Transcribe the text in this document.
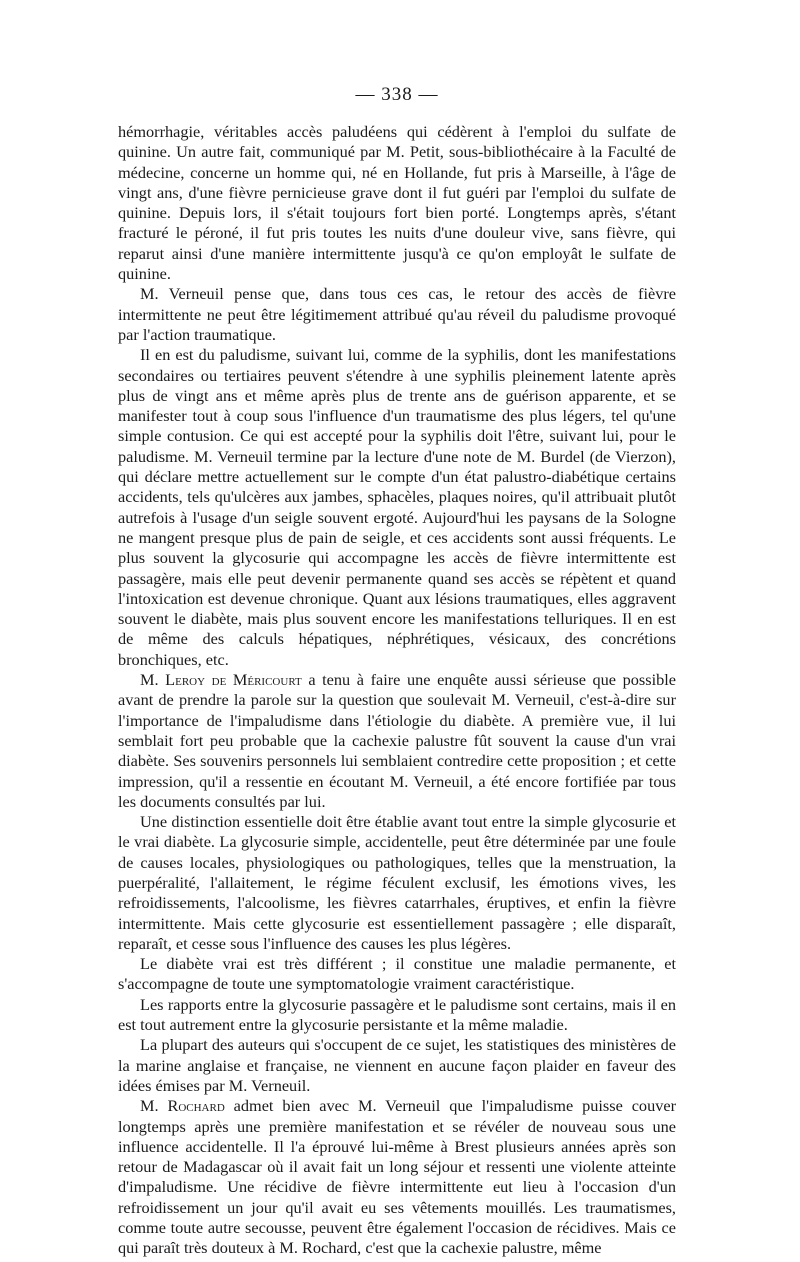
— 338 —

hémorrhagie, véritables accès paludéens qui cédèrent à l'emploi du sulfate de quinine. Un autre fait, communiqué par M. Petit, sous-bibliothécaire à la Faculté de médecine, concerne un homme qui, né en Hollande, fut pris à Marseille, à l'âge de vingt ans, d'une fièvre pernicieuse grave dont il fut guéri par l'emploi du sulfate de quinine. Depuis lors, il s'était toujours fort bien porté. Longtemps après, s'étant fracturé le péroné, il fut pris toutes les nuits d'une douleur vive, sans fièvre, qui reparut ainsi d'une manière intermittente jusqu'à ce qu'on employât le sulfate de quinine.

M. Verneuil pense que, dans tous ces cas, le retour des accès de fièvre intermittente ne peut être légitimement attribué qu'au réveil du paludisme provoqué par l'action traumatique.

Il en est du paludisme, suivant lui, comme de la syphilis, dont les manifestations secondaires ou tertiaires peuvent s'étendre à une syphilis pleinement latente après plus de vingt ans et même après plus de trente ans de guérison apparente, et se manifester tout à coup sous l'influence d'un traumatisme des plus légers, tel qu'une simple contusion. Ce qui est accepté pour la syphilis doit l'être, suivant lui, pour le paludisme. M. Verneuil termine par la lecture d'une note de M. Burdel (de Vierzon), qui déclare mettre actuellement sur le compte d'un état palustro-diabétique certains accidents, tels qu'ulcères aux jambes, sphacèles, plaques noires, qu'il attribuait plutôt autrefois à l'usage d'un seigle souvent ergoté. Aujourd'hui les paysans de la Sologne ne mangent presque plus de pain de seigle, et ces accidents sont aussi fréquents. Le plus souvent la glycosurie qui accompagne les accès de fièvre intermittente est passagère, mais elle peut devenir permanente quand ses accès se répètent et quand l'intoxication est devenue chronique. Quant aux lésions traumatiques, elles aggravent souvent le diabète, mais plus souvent encore les manifestations telluriques. Il en est de même des calculs hépatiques, néphrétiques, vésicaux, des concrétions bronchiques, etc.

M. Leroy de Méricourt a tenu à faire une enquête aussi sérieuse que possible avant de prendre la parole sur la question que soulevait M. Verneuil, c'est-à-dire sur l'importance de l'impaludisme dans l'étiologie du diabète. A première vue, il lui semblait fort peu probable que la cachexie palustre fût souvent la cause d'un vrai diabète. Ses souvenirs personnels lui semblaient contredire cette proposition ; et cette impression, qu'il a ressentie en écoutant M. Verneuil, a été encore fortifiée par tous les documents consultés par lui.

Une distinction essentielle doit être établie avant tout entre la simple glycosurie et le vrai diabète. La glycosurie simple, accidentelle, peut être déterminée par une foule de causes locales, physiologiques ou pathologiques, telles que la menstruation, la puerpéralité, l'allaitement, le régime féculent exclusif, les émotions vives, les refroidissements, l'alcoolisme, les fièvres catarrhales, éruptives, et enfin la fièvre intermittente. Mais cette glycosurie est essentiellement passagère ; elle disparaît, reparaît, et cesse sous l'influence des causes les plus légères.

Le diabète vrai est très différent ; il constitue une maladie permanente, et s'accompagne de toute une symptomatologie vraiment caractéristique.

Les rapports entre la glycosurie passagère et le paludisme sont certains, mais il en est tout autrement entre la glycosurie persistante et la même maladie.

La plupart des auteurs qui s'occupent de ce sujet, les statistiques des ministères de la marine anglaise et française, ne viennent en aucune façon plaider en faveur des idées émises par M. Verneuil.

M. Rochard admet bien avec M. Verneuil que l'impaludisme puisse couver longtemps après une première manifestation et se révéler de nouveau sous une influence accidentelle. Il l'a éprouvé lui-même à Brest plusieurs années après son retour de Madagascar où il avait fait un long séjour et ressenti une violente atteinte d'impaludisme. Une récidive de fièvre intermittente eut lieu à l'occasion d'un refroidissement un jour qu'il avait eu ses vêtements mouillés. Les traumatismes, comme toute autre secousse, peuvent être également l'occasion de récidives. Mais ce qui paraît très douteux à M. Rochard, c'est que la cachexie palustre, même
